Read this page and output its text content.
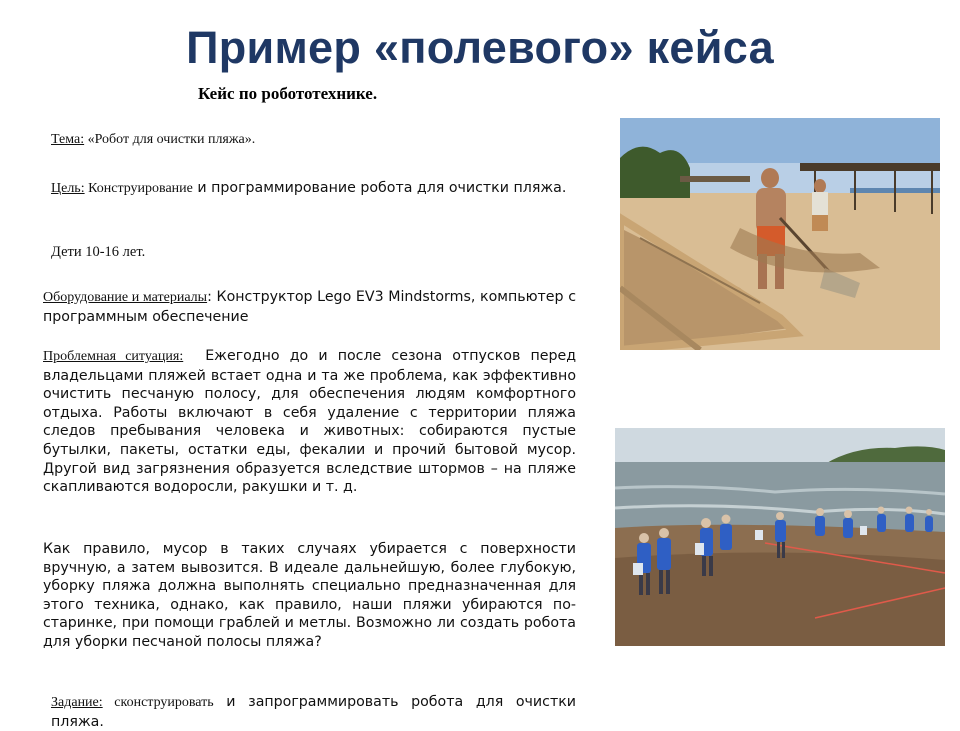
Пример «полевого» кейса
Кейс по робототехнике.
Тема: «Робот для очистки пляжа».
Цель: Конструирование и программирование робота для очистки пляжа.
Дети 10-16 лет.
Оборудование и материалы: Конструктор Lego EV3 Mindstorms, компьютер с программным обеспечение
Проблемная ситуация: Ежегодно до и после сезона отпусков перед владельцами пляжей встает одна и та же проблема, как эффективно очистить песчаную полосу, для обеспечения людям комфортного отдыха. Работы включают в себя удаление с территории пляжа следов пребывания человека и животных: собираются пустые бутылки, пакеты, остатки еды, фекалии и прочий бытовой мусор. Другой вид загрязнения образуется вследствие штормов – на пляже скапливаются водоросли, ракушки и т. д.
Как правило, мусор в таких случаях убирается с поверхности вручную, а затем вывозится. В идеале дальнейшую, более глубокую, уборку пляжа должна выполнять специально предназначенная для этого техника, однако, как правило, наши пляжи убираются по-старинке, при помощи граблей и метлы. Возможно ли создать робота для уборки песчаной полосы пляжа?
Задание: сконструировать и запрограммировать робота для очистки пляжа.
